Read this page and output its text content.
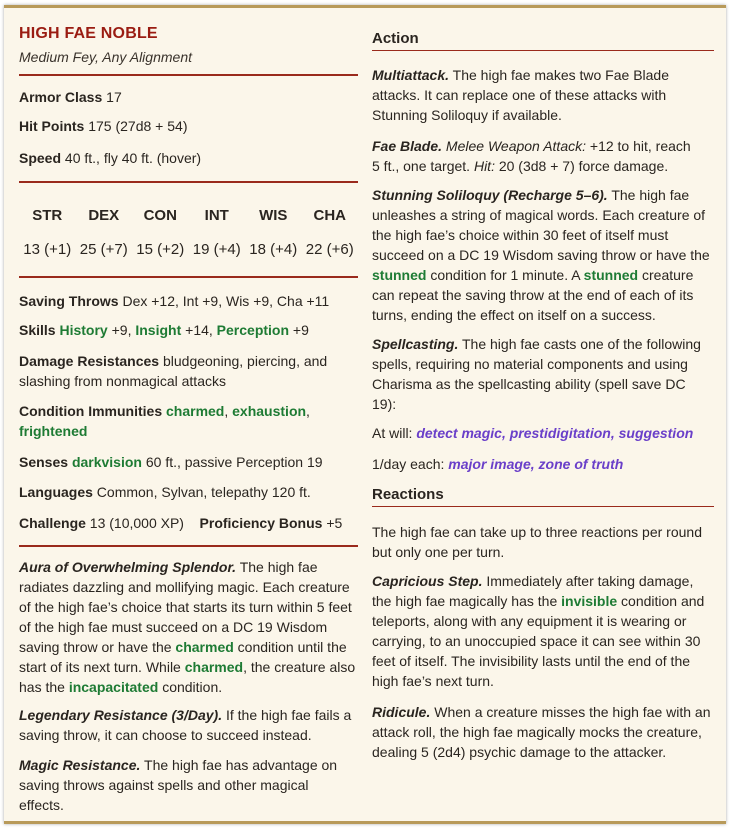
HIGH FAE NOBLE
Medium Fey, Any Alignment
Armor Class 17
Hit Points 175 (27d8 + 54)
Speed 40 ft., fly 40 ft. (hover)
STR	DEX	CON	INT	WIS	CHA
13 (+1) 25 (+7) 15 (+2) 19 (+4) 18 (+4) 22 (+6)
Saving Throws Dex +12, Int +9, Wis +9, Cha +11
Skills History +9, Insight +14, Perception +9
Damage Resistances bludgeoning, piercing, and slashing from nonmagical attacks
Condition Immunities charmed, exhaustion, frightened
Senses darkvision 60 ft., passive Perception 19
Languages Common, Sylvan, telepathy 120 ft.
Challenge 13 (10,000 XP) Proficiency Bonus +5
Aura of Overwhelming Splendor. The high fae radiates dazzling and mollifying magic. Each creature of the high fae’s choice that starts its turn within 5 feet of the high fae must succeed on a DC 19 Wisdom saving throw or have the charmed condition until the start of its next turn. While charmed, the creature also has the incapacitated condition.
Legendary Resistance (3/Day). If the high fae fails a saving throw, it can choose to succeed instead.
Magic Resistance. The high fae has advantage on saving throws against spells and other magical effects.
Action
Multiattack. The high fae makes two Fae Blade attacks. It can replace one of these attacks with Stunning Soliloquy if available.
Fae Blade. Melee Weapon Attack: +12 to hit, reach 5 ft., one target. Hit: 20 (3d8 + 7) force damage.
Stunning Soliloquy (Recharge 5–6). The high fae unleashes a string of magical words. Each creature of the high fae’s choice within 30 feet of itself must succeed on a DC 19 Wisdom saving throw or have the stunned condition for 1 minute. A stunned creature can repeat the saving throw at the end of each of its turns, ending the effect on itself on a success.
Spellcasting. The high fae casts one of the following spells, requiring no material components and using Charisma as the spellcasting ability (spell save DC 19):
At will: detect magic, prestidigitation, suggestion
1/day each: major image, zone of truth
Reactions
The high fae can take up to three reactions per round but only one per turn.
Capricious Step. Immediately after taking damage, the high fae magically has the invisible condition and teleports, along with any equipment it is wearing or carrying, to an unoccupied space it can see within 30 feet of itself. The invisibility lasts until the end of the high fae’s next turn.
Ridicule. When a creature misses the high fae with an attack roll, the high fae magically mocks the creature, dealing 5 (2d4) psychic damage to the attacker.
